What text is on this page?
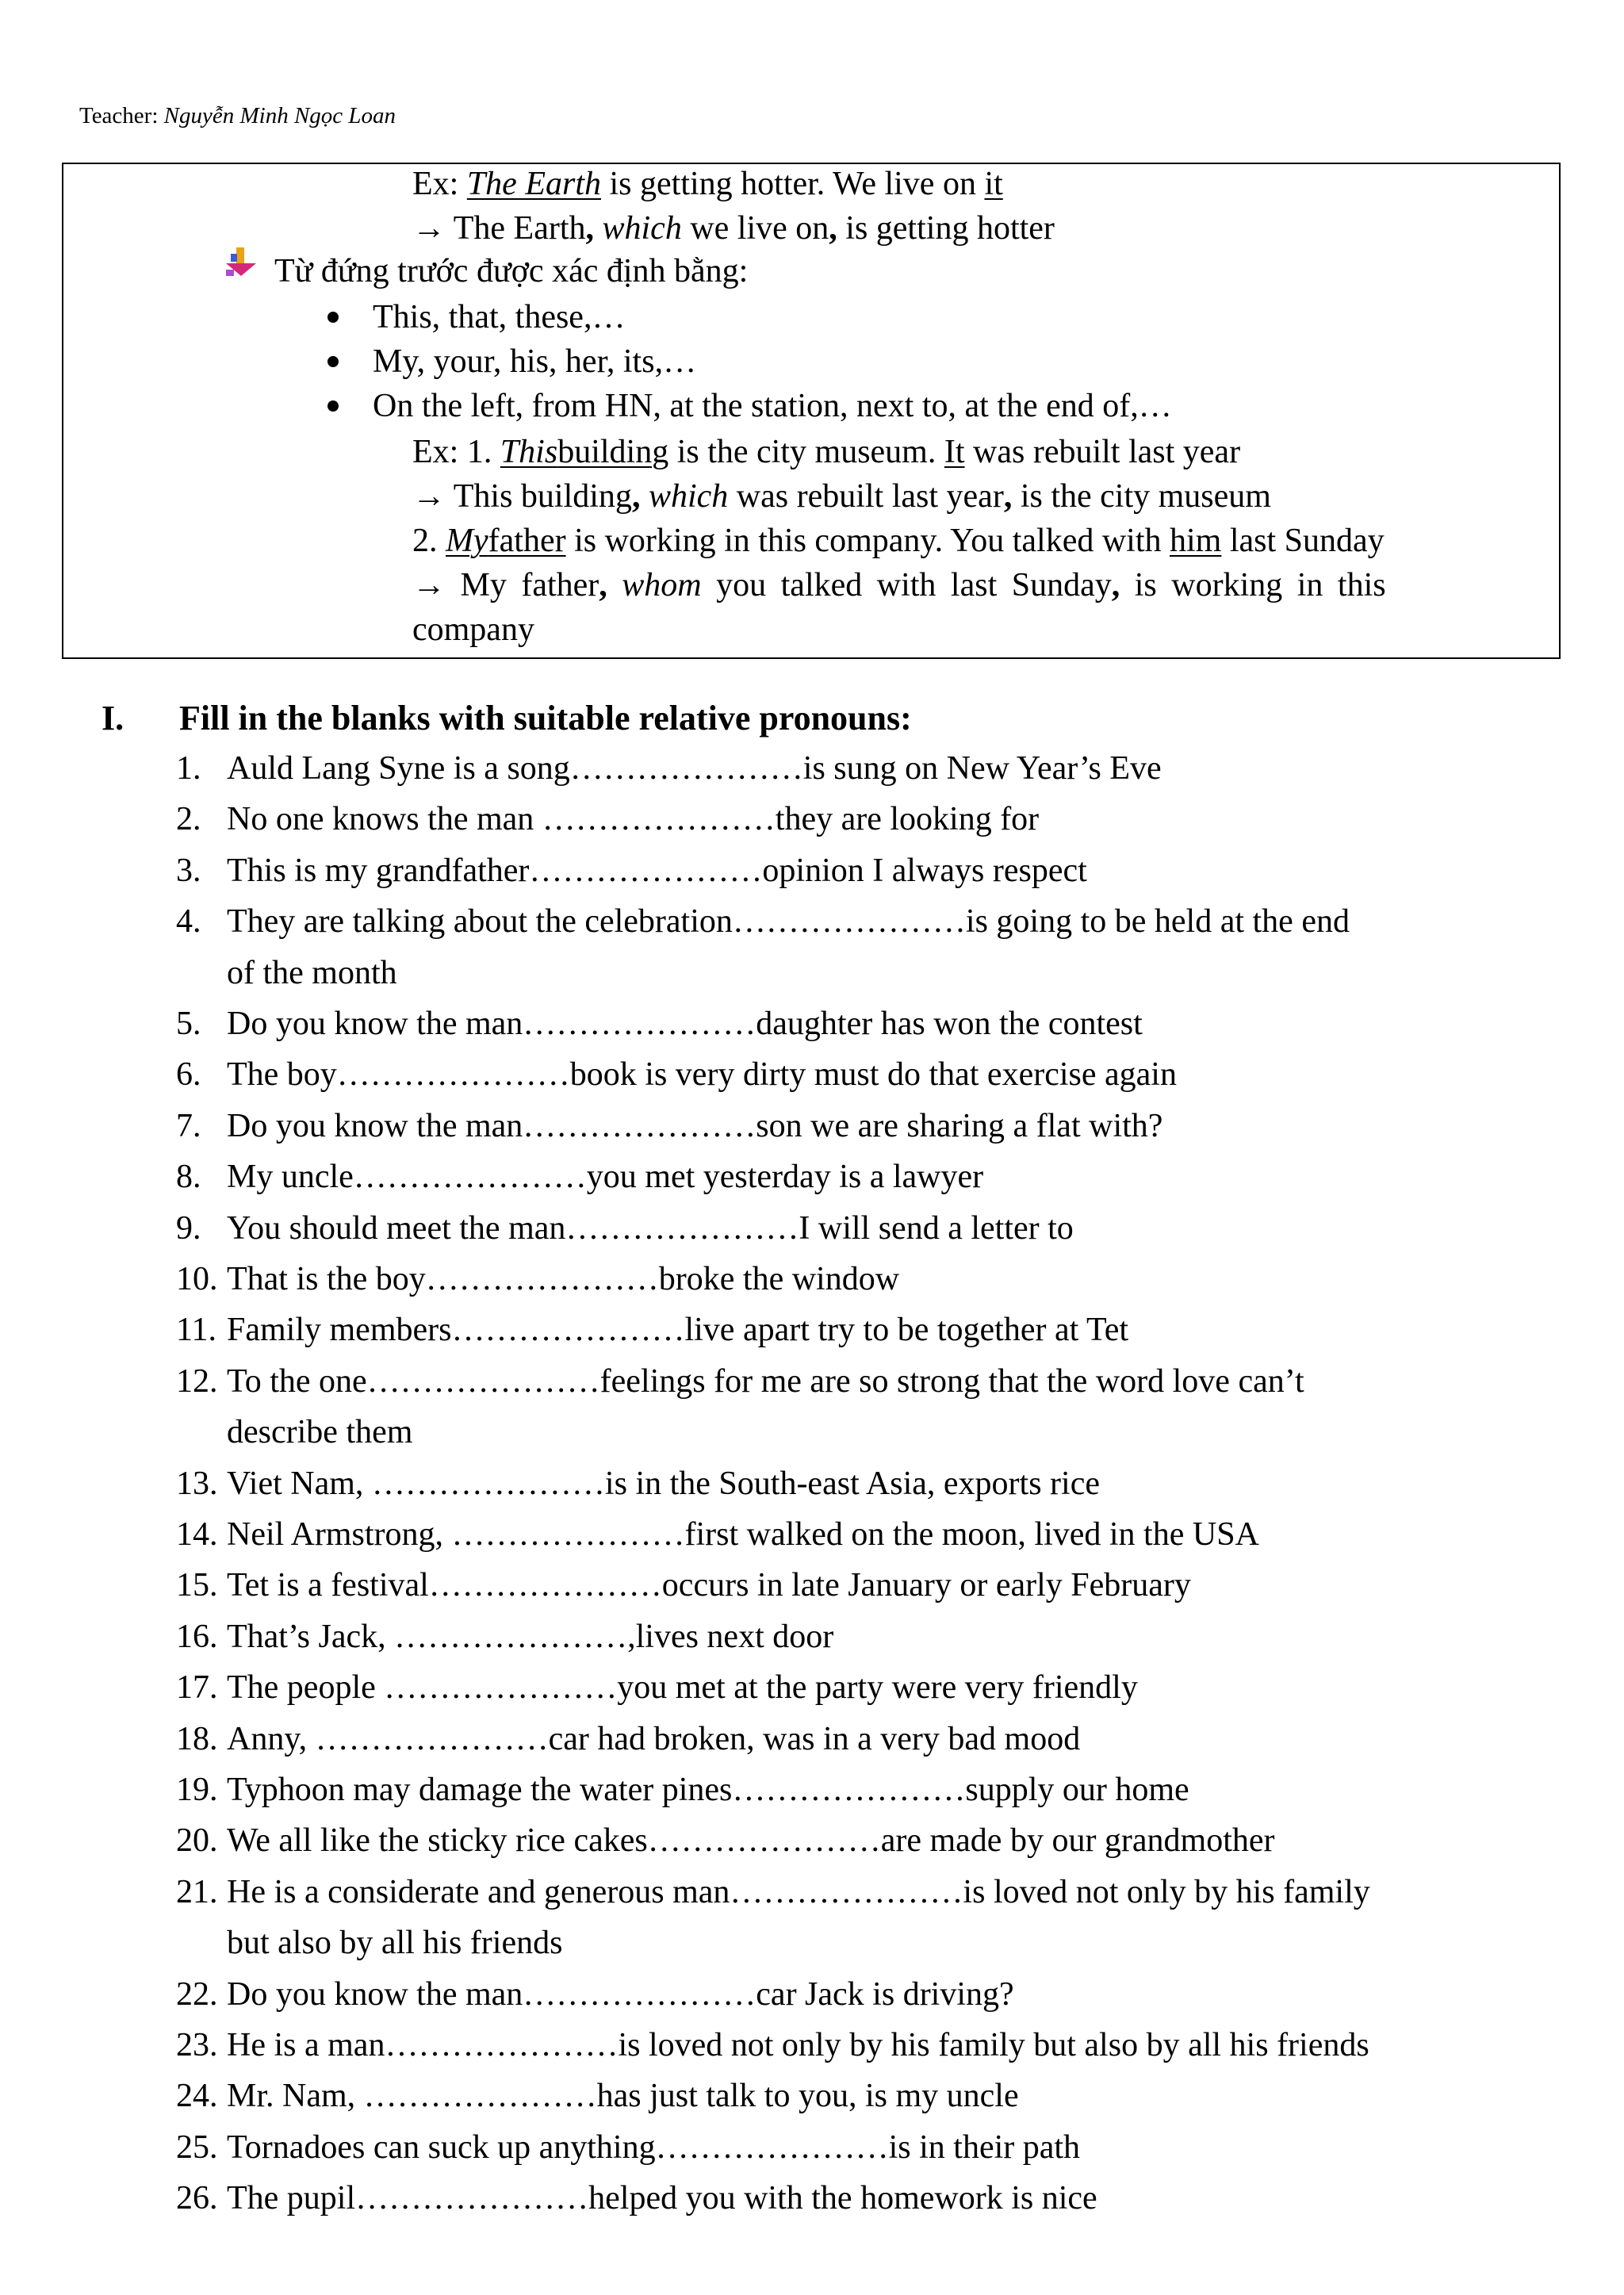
Teacher: Nguyễn Minh Ngọc Loan
Ex: The Earth is getting hotter. We live on it
→ The Earth, which we live on, is getting hotter
Từ đứng trước được xác định bằng:
This, that, these,…
My, your, his, her, its,…
On the left, from HN, at the station, next to, at the end of,…
Ex: 1. Thisbuilding is the city museum. It was rebuilt last year
→ This building, which was rebuilt last year, is the city museum
2. Myfather is working in this company. You talked with him last Sunday
→ My father, whom you talked with last Sunday, is working in this
company
I. Fill in the blanks with suitable relative pronouns:
1. Auld Lang Syne is a song…………………is sung on New Year’s Eve
2. No one knows the man …………………they are looking for
3. This is my grandfather…………………opinion I always respect
4. They are talking about the celebration…………………is going to be held at the end
of the month
5. Do you know the man…………………daughter has won the contest
6. The boy…………………book is very dirty must do that exercise again
7. Do you know the man…………………son we are sharing a flat with?
8. My uncle…………………you met yesterday is a lawyer
9. You should meet the man…………………I will send a letter to
10. That is the boy…………………broke the window
11. Family members…………………live apart try to be together at Tet
12. To the one…………………feelings for me are so strong that the word love can’t
describe them
13. Viet Nam, …………………is in the South-east Asia, exports rice
14. Neil Armstrong, …………………first walked on the moon, lived in the USA
15. Tet is a festival…………………occurs in late January or early February
16. That’s Jack, …………………,lives next door
17. The people …………………you met at the party were very friendly
18. Anny, …………………car had broken, was in a very bad mood
19. Typhoon may damage the water pines…………………supply our home
20. We all like the sticky rice cakes…………………are made by our grandmother
21. He is a considerate and generous man…………………is loved not only by his family
but also by all his friends
22. Do you know the man…………………car Jack is driving?
23. He is a man…………………is loved not only by his family but also by all his friends
24. Mr. Nam, …………………has just talk to you, is my uncle
25. Tornadoes can suck up anything…………………is in their path
26. The pupil…………………helped you with the homework is nice
